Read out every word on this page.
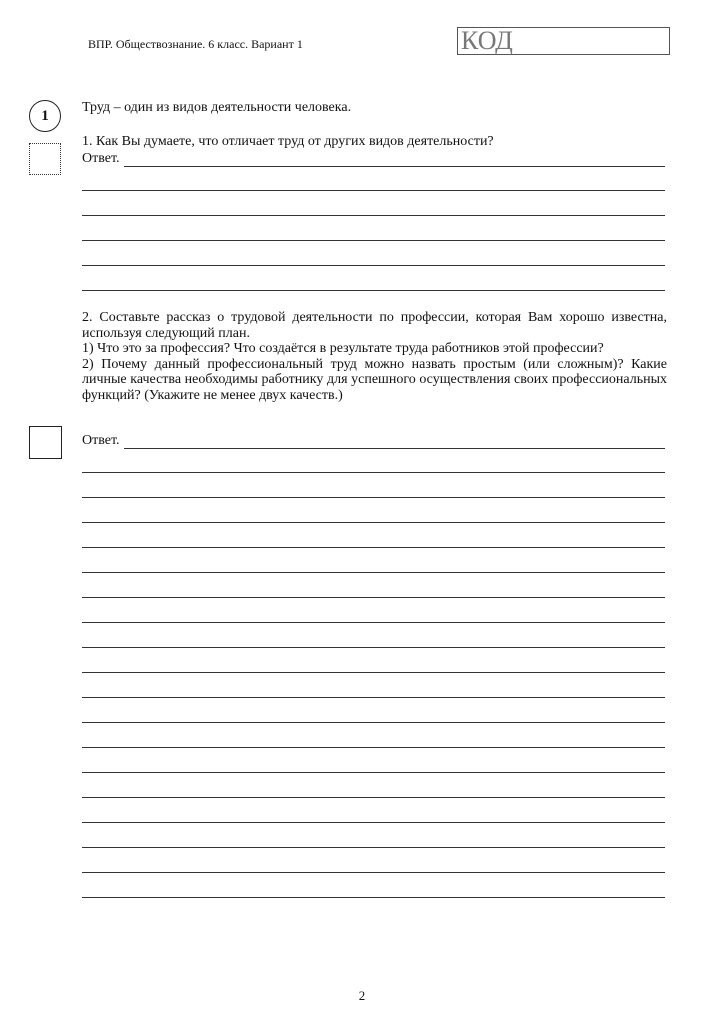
ВПР. Обществознание. 6 класс. Вариант 1	КОД
1
Труд – один из видов деятельности человека.
1. Как Вы думаете, что отличает труд от других видов деятельности?
Ответ.

2. Составьте рассказ о трудовой деятельности по профессии, которая Вам хорошо известна, используя следующий план.

1) Что это за профессия? Что создаётся в результате труда работников этой профессии?

2) Почему данный профессиональный труд можно назвать простым (или сложным)? Какие личные качества необходимы работнику для успешного осуществления своих профессиональных функций? (Укажите не менее двух качеств.)

Ответ.
2
